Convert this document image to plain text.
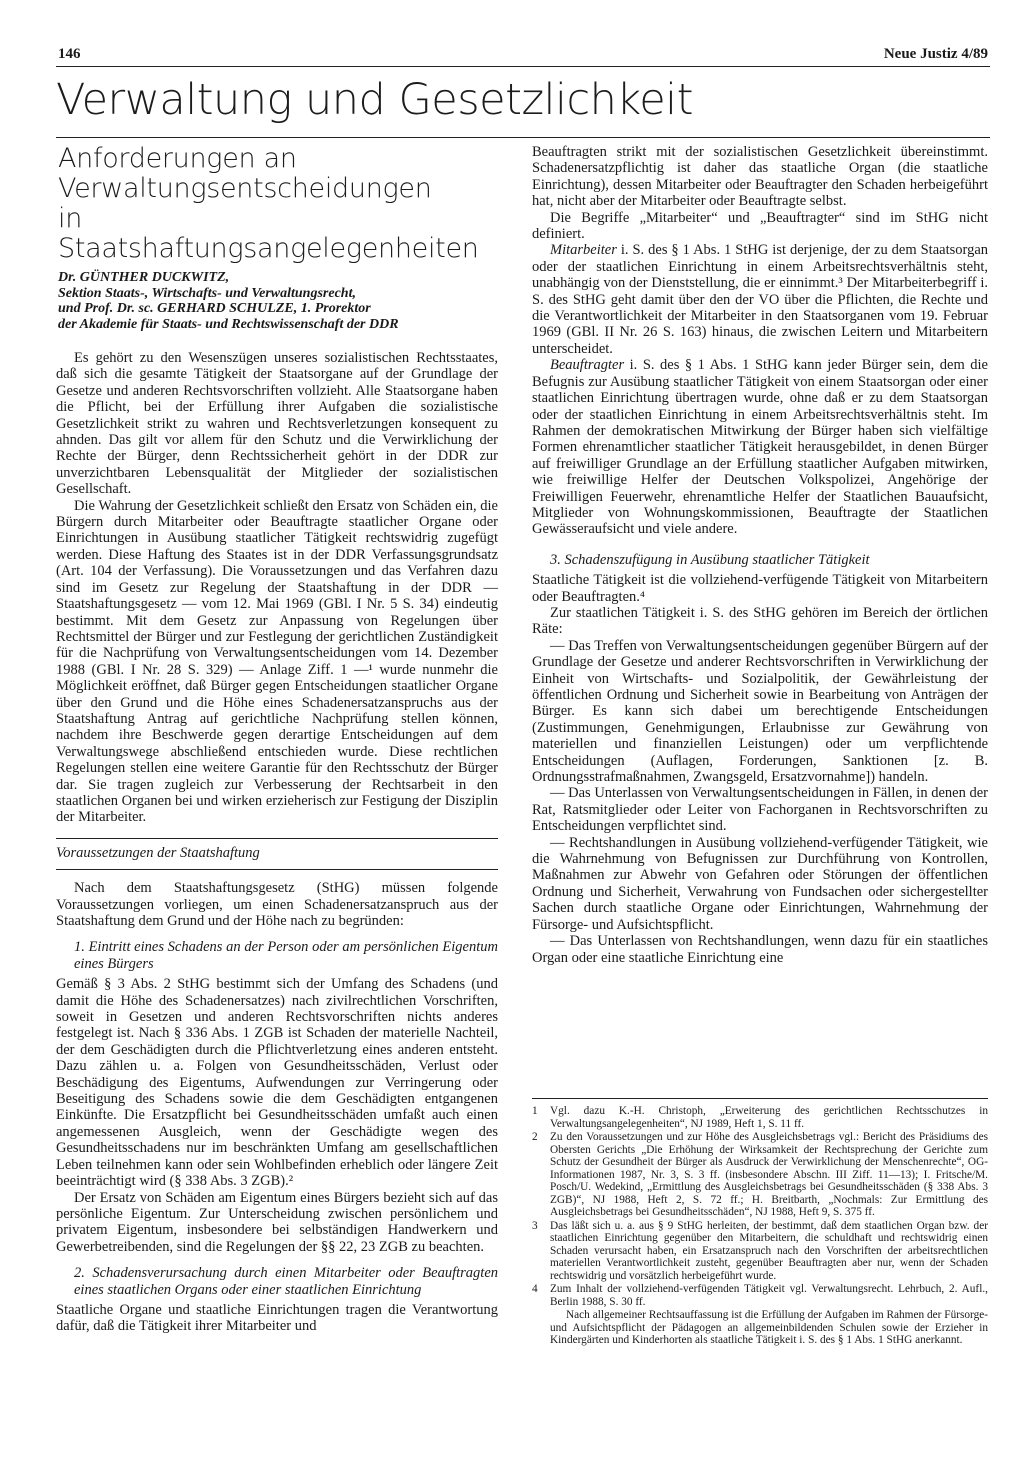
146	Neue Justiz 4/89
Verwaltung und Gesetzlichkeit
Anforderungen an
Verwaltungsentscheidungen
in Staatshaftungsangelegenheiten
Dr. GÜNTHER DUCKWITZ,
Sektion Staats-, Wirtschafts- und Verwaltungsrecht,
und Prof. Dr. sc. GERHARD SCHULZE, 1. Prorektor
der Akademie für Staats- und Rechtswissenschaft der DDR

Es gehört zu den Wesenszügen unseres sozialistischen Rechtsstaates, daß sich die gesamte Tätigkeit der Staatsorgane auf der Grundlage der Gesetze und anderen Rechtsvorschriften vollzieht. Alle Staatsorgane haben die Pflicht, bei der Erfüllung ihrer Aufgaben die sozialistische Gesetzlichkeit strikt zu wahren und Rechtsverletzungen konsequent zu ahnden. Das gilt vor allem für den Schutz und die Verwirklichung der Rechte der Bürger, denn Rechtssicherheit gehört in der DDR zur unverzichtbaren Lebensqualität der Mitglieder der sozialistischen Gesellschaft.

Die Wahrung der Gesetzlichkeit schließt den Ersatz von Schäden ein, die Bürgern durch Mitarbeiter oder Beauftragte staatlicher Organe oder Einrichtungen in Ausübung staatlicher Tätigkeit rechtswidrig zugefügt werden. Diese Haftung des Staates ist in der DDR Verfassungsgrundsatz (Art. 104 der Verfassung). Die Voraussetzungen und das Verfahren dazu sind im Gesetz zur Regelung der Staatshaftung in der DDR — Staatshaftungsgesetz — vom 12. Mai 1969 (GBl. I Nr. 5 S. 34) eindeutig bestimmt. Mit dem Gesetz zur Anpassung von Regelungen über Rechtsmittel der Bürger und zur Festlegung der gerichtlichen Zuständigkeit für die Nachprüfung von Verwaltungsentscheidungen vom 14. Dezember 1988 (GBl. I Nr. 28 S. 329) — Anlage Ziff. 1 —¹ wurde nunmehr die Möglichkeit eröffnet, daß Bürger gegen Entscheidungen staatlicher Organe über den Grund und die Höhe eines Schadenersatzanspruchs aus der Staatshaftung Antrag auf gerichtliche Nachprüfung stellen können, nachdem ihre Beschwerde gegen derartige Entscheidungen auf dem Verwaltungswege abschließend entschieden wurde. Diese rechtlichen Regelungen stellen eine weitere Garantie für den Rechtsschutz der Bürger dar. Sie tragen zugleich zur Verbesserung der Rechtsarbeit in den staatlichen Organen bei und wirken erzieherisch zur Festigung der Disziplin der Mitarbeiter.

Voraussetzungen der Staatshaftung

Nach dem Staatshaftungsgesetz (StHG) müssen folgende Voraussetzungen vorliegen, um einen Schadenersatzanspruch aus der Staatshaftung dem Grund und der Höhe nach zu begründen:

1. Eintritt eines Schadens an der Person oder am persönlichen Eigentum eines Bürgers

Gemäß § 3 Abs. 2 StHG bestimmt sich der Umfang des Schadens (und damit die Höhe des Schadenersatzes) nach zivilrechtlichen Vorschriften, soweit in Gesetzen und anderen Rechtsvorschriften nichts anderes festgelegt ist. Nach § 336 Abs. 1 ZGB ist Schaden der materielle Nachteil, der dem Geschädigten durch die Pflichtverletzung eines anderen entsteht. Dazu zählen u. a. Folgen von Gesundheitsschäden, Verlust oder Beschädigung des Eigentums, Aufwendungen zur Verringerung oder Beseitigung des Schadens sowie die dem Geschädigten entgangenen Einkünfte. Die Ersatzpflicht bei Gesundheitsschäden umfaßt auch einen angemessenen Ausgleich, wenn der Geschädigte wegen des Gesundheitsschadens nur im beschränkten Umfang am gesellschaftlichen Leben teilnehmen kann oder sein Wohlbefinden erheblich oder längere Zeit beeinträchtigt wird (§ 338 Abs. 3 ZGB).²

Der Ersatz von Schäden am Eigentum eines Bürgers bezieht sich auf das persönliche Eigentum. Zur Unterscheidung zwischen persönlichem und privatem Eigentum, insbesondere bei selbständigen Handwerkern und Gewerbetreibenden, sind die Regelungen der §§ 22, 23 ZGB zu beachten.

2. Schadensverursachung durch einen Mitarbeiter oder Beauftragten eines staatlichen Organs oder einer staatlichen Einrichtung

Staatliche Organe und staatliche Einrichtungen tragen die Verantwortung dafür, daß die Tätigkeit ihrer Mitarbeiter und

Beauftragten strikt mit der sozialistischen Gesetzlichkeit übereinstimmt. Schadenersatzpflichtig ist daher das staatliche Organ (die staatliche Einrichtung), dessen Mitarbeiter oder Beauftragter den Schaden herbeigeführt hat, nicht aber der Mitarbeiter oder Beauftragte selbst.

Die Begriffe „Mitarbeiter“ und „Beauftragter“ sind im StHG nicht definiert.

Mitarbeiter i. S. des § 1 Abs. 1 StHG ist derjenige, der zu dem Staatsorgan oder der staatlichen Einrichtung in einem Arbeitsrechtsverhältnis steht, unabhängig von der Dienststellung, die er einnimmt.³ Der Mitarbeiterbegriff i. S. des StHG geht damit über den der VO über die Pflichten, die Rechte und die Verantwortlichkeit der Mitarbeiter in den Staatsorganen vom 19. Februar 1969 (GBl. II Nr. 26 S. 163) hinaus, die zwischen Leitern und Mitarbeitern unterscheidet.

Beauftragter i. S. des § 1 Abs. 1 StHG kann jeder Bürger sein, dem die Befugnis zur Ausübung staatlicher Tätigkeit von einem Staatsorgan oder einer staatlichen Einrichtung übertragen wurde, ohne daß er zu dem Staatsorgan oder der staatlichen Einrichtung in einem Arbeitsrechtsverhältnis steht. Im Rahmen der demokratischen Mitwirkung der Bürger haben sich vielfältige Formen ehrenamtlicher staatlicher Tätigkeit herausgebildet, in denen Bürger auf freiwilliger Grundlage an der Erfüllung staatlicher Aufgaben mitwirken, wie freiwillige Helfer der Deutschen Volkspolizei, Angehörige der Freiwilligen Feuerwehr, ehrenamtliche Helfer der Staatlichen Bauaufsicht, Mitglieder von Wohnungskommissionen, Beauftragte der Staatlichen Gewässeraufsicht und viele andere.

3. Schadenszufügung in Ausübung staatlicher Tätigkeit

Staatliche Tätigkeit ist die vollziehend-verfügende Tätigkeit von Mitarbeitern oder Beauftragten.⁴

Zur staatlichen Tätigkeit i. S. des StHG gehören im Bereich der örtlichen Räte:

— Das Treffen von Verwaltungsentscheidungen gegenüber Bürgern auf der Grundlage der Gesetze und anderer Rechtsvorschriften in Verwirklichung der Einheit von Wirtschafts- und Sozialpolitik, der Gewährleistung der öffentlichen Ordnung und Sicherheit sowie in Bearbeitung von Anträgen der Bürger. Es kann sich dabei um berechtigende Entscheidungen (Zustimmungen, Genehmigungen, Erlaubnisse zur Gewährung von materiellen und finanziellen Leistungen) oder um verpflichtende Entscheidungen (Auflagen, Forderungen, Sanktionen [z. B. Ordnungsstrafmaßnahmen, Zwangsgeld, Ersatzvornahme]) handeln.

— Das Unterlassen von Verwaltungsentscheidungen in Fällen, in denen der Rat, Ratsmitglieder oder Leiter von Fachorganen in Rechtsvorschriften zu Entscheidungen verpflichtet sind.

— Rechtshandlungen in Ausübung vollziehend-verfügender Tätigkeit, wie die Wahrnehmung von Befugnissen zur Durchführung von Kontrollen, Maßnahmen zur Abwehr von Gefahren oder Störungen der öffentlichen Ordnung und Sicherheit, Verwahrung von Fundsachen oder sichergestellter Sachen durch staatliche Organe oder Einrichtungen, Wahrnehmung der Fürsorge- und Aufsichtspflicht.

— Das Unterlassen von Rechtshandlungen, wenn dazu für ein staatliches Organ oder eine staatliche Einrichtung eine

1 Vgl. dazu K.-H. Christoph, „Erweiterung des gerichtlichen Rechtsschutzes in Verwaltungsangelegenheiten“, NJ 1989, Heft 1, S. 11 ff.

2 Zu den Voraussetzungen und zur Höhe des Ausgleichsbetrags vgl.: Bericht des Präsidiums des Obersten Gerichts „Die Erhöhung der Wirksamkeit der Rechtsprechung der Gerichte zum Schutz der Gesundheit der Bürger als Ausdruck der Verwirklichung der Menschenrechte“, OG-Informationen 1987, Nr. 3, S. 3 ff. (insbesondere Abschn. III Ziff. 11—13); I. Fritsche/M. Posch/U. Wedekind, „Ermittlung des Ausgleichsbetrags bei Gesundheitsschäden (§ 338 Abs. 3 ZGB)“, NJ 1988, Heft 2, S. 72 ff.; H. Breitbarth, „Nochmals: Zur Ermittlung des Ausgleichsbetrags bei Gesundheitsschäden“, NJ 1988, Heft 9, S. 375 ff.

3 Das läßt sich u. a. aus § 9 StHG herleiten, der bestimmt, daß dem staatlichen Organ bzw. der staatlichen Einrichtung gegenüber den Mitarbeitern, die schuldhaft und rechtswidrig einen Schaden verursacht haben, ein Ersatzanspruch nach den Vorschriften der arbeitsrechtlichen materiellen Verantwortlichkeit zusteht, gegenüber Beauftragten aber nur, wenn der Schaden rechtswidrig und vorsätzlich herbeigeführt wurde.

4 Zum Inhalt der vollziehend-verfügenden Tätigkeit vgl. Verwaltungsrecht. Lehrbuch, 2. Aufl., Berlin 1988, S. 30 ff.

Nach allgemeiner Rechtsauffassung ist die Erfüllung der Aufgaben im Rahmen der Fürsorge- und Aufsichtspflicht der Pädagogen an allgemeinbildenden Schulen sowie der Erzieher in Kindergärten und Kinderhorten als staatliche Tätigkeit i. S. des § 1 Abs. 1 StHG anerkannt.
